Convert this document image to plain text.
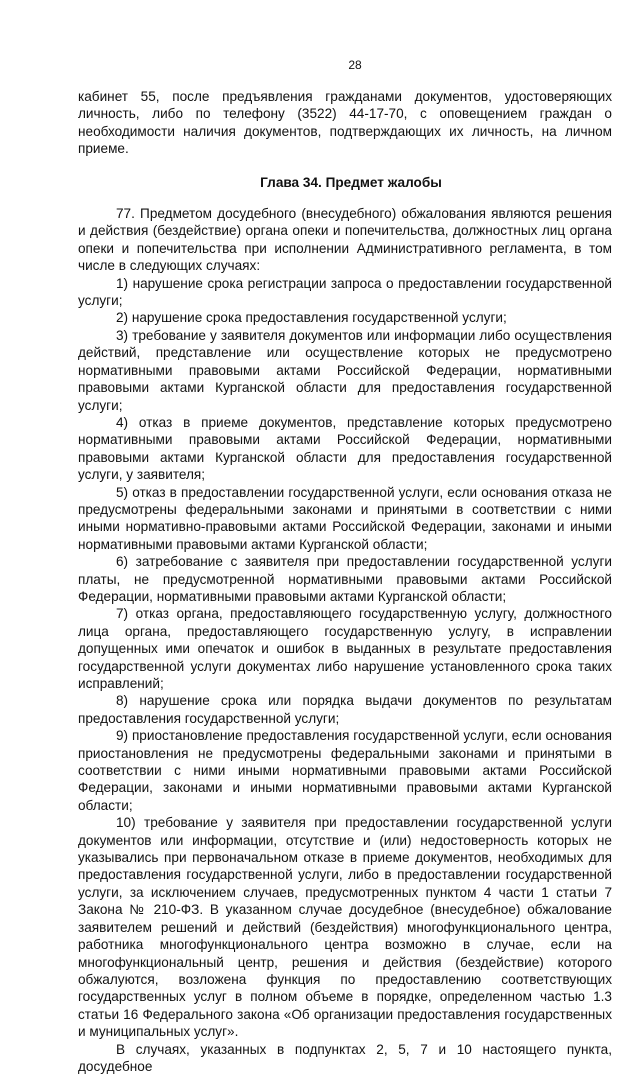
28

кабинет 55, после предъявления гражданами документов, удостоверяющих личность, либо по телефону (3522) 44-17-70, с оповещением граждан о необходимости наличия документов, подтверждающих их личность, на личном приеме.

Глава 34. Предмет жалобы

77. Предметом досудебного (внесудебного) обжалования являются решения и действия (бездействие) органа опеки и попечительства, должностных лиц органа опеки и попечительства при исполнении Административного регламента, в том числе в следующих случаях:

1) нарушение срока регистрации запроса о предоставлении государственной услуги;

2) нарушение срока предоставления государственной услуги;

3) требование у заявителя документов или информации либо осуществления действий, представление или осуществление которых не предусмотрено нормативными правовыми актами Российской Федерации, нормативными правовыми актами Курганской области для предоставления государственной услуги;

4) отказ в приеме документов, представление которых предусмотрено нормативными правовыми актами Российской Федерации, нормативными правовыми актами Курганской области для предоставления государственной услуги, у заявителя;

5) отказ в предоставлении государственной услуги, если основания отказа не предусмотрены федеральными законами и принятыми в соответствии с ними иными нормативно-правовыми актами Российской Федерации, законами и иными нормативными правовыми актами Курганской области;

6) затребование с заявителя при предоставлении государственной услуги платы, не предусмотренной нормативными правовыми актами Российской Федерации, нормативными правовыми актами Курганской области;

7) отказ органа, предоставляющего государственную услугу, должностного лица органа, предоставляющего государственную услугу, в исправлении допущенных ими опечаток и ошибок в выданных в результате предоставления государственной услуги документах либо нарушение установленного срока таких исправлений;

8) нарушение срока или порядка выдачи документов по результатам предоставления государственной услуги;

9) приостановление предоставления государственной услуги, если основания приостановления не предусмотрены федеральными законами и принятыми в соответствии с ними иными нормативными правовыми актами Российской Федерации, законами и иными нормативными правовыми актами Курганской области;

10) требование у заявителя при предоставлении государственной услуги документов или информации, отсутствие и (или) недостоверность которых не указывались при первоначальном отказе в приеме документов, необходимых для предоставления государственной услуги, либо в предоставлении государственной услуги, за исключением случаев, предусмотренных пунктом 4 части 1 статьи 7 Закона № 210-ФЗ. В указанном случае досудебное (внесудебное) обжалование заявителем решений и действий (бездействия) многофункционального центра, работника многофункционального центра возможно в случае, если на многофункциональный центр, решения и действия (бездействие) которого обжалуются, возложена функция по предоставлению соответствующих государственных услуг в полном объеме в порядке, определенном частью 1.3 статьи 16 Федерального закона «Об организации предоставления государственных и муниципальных услуг».

В случаях, указанных в подпунктах 2, 5, 7 и 10 настоящего пункта, досудебное
